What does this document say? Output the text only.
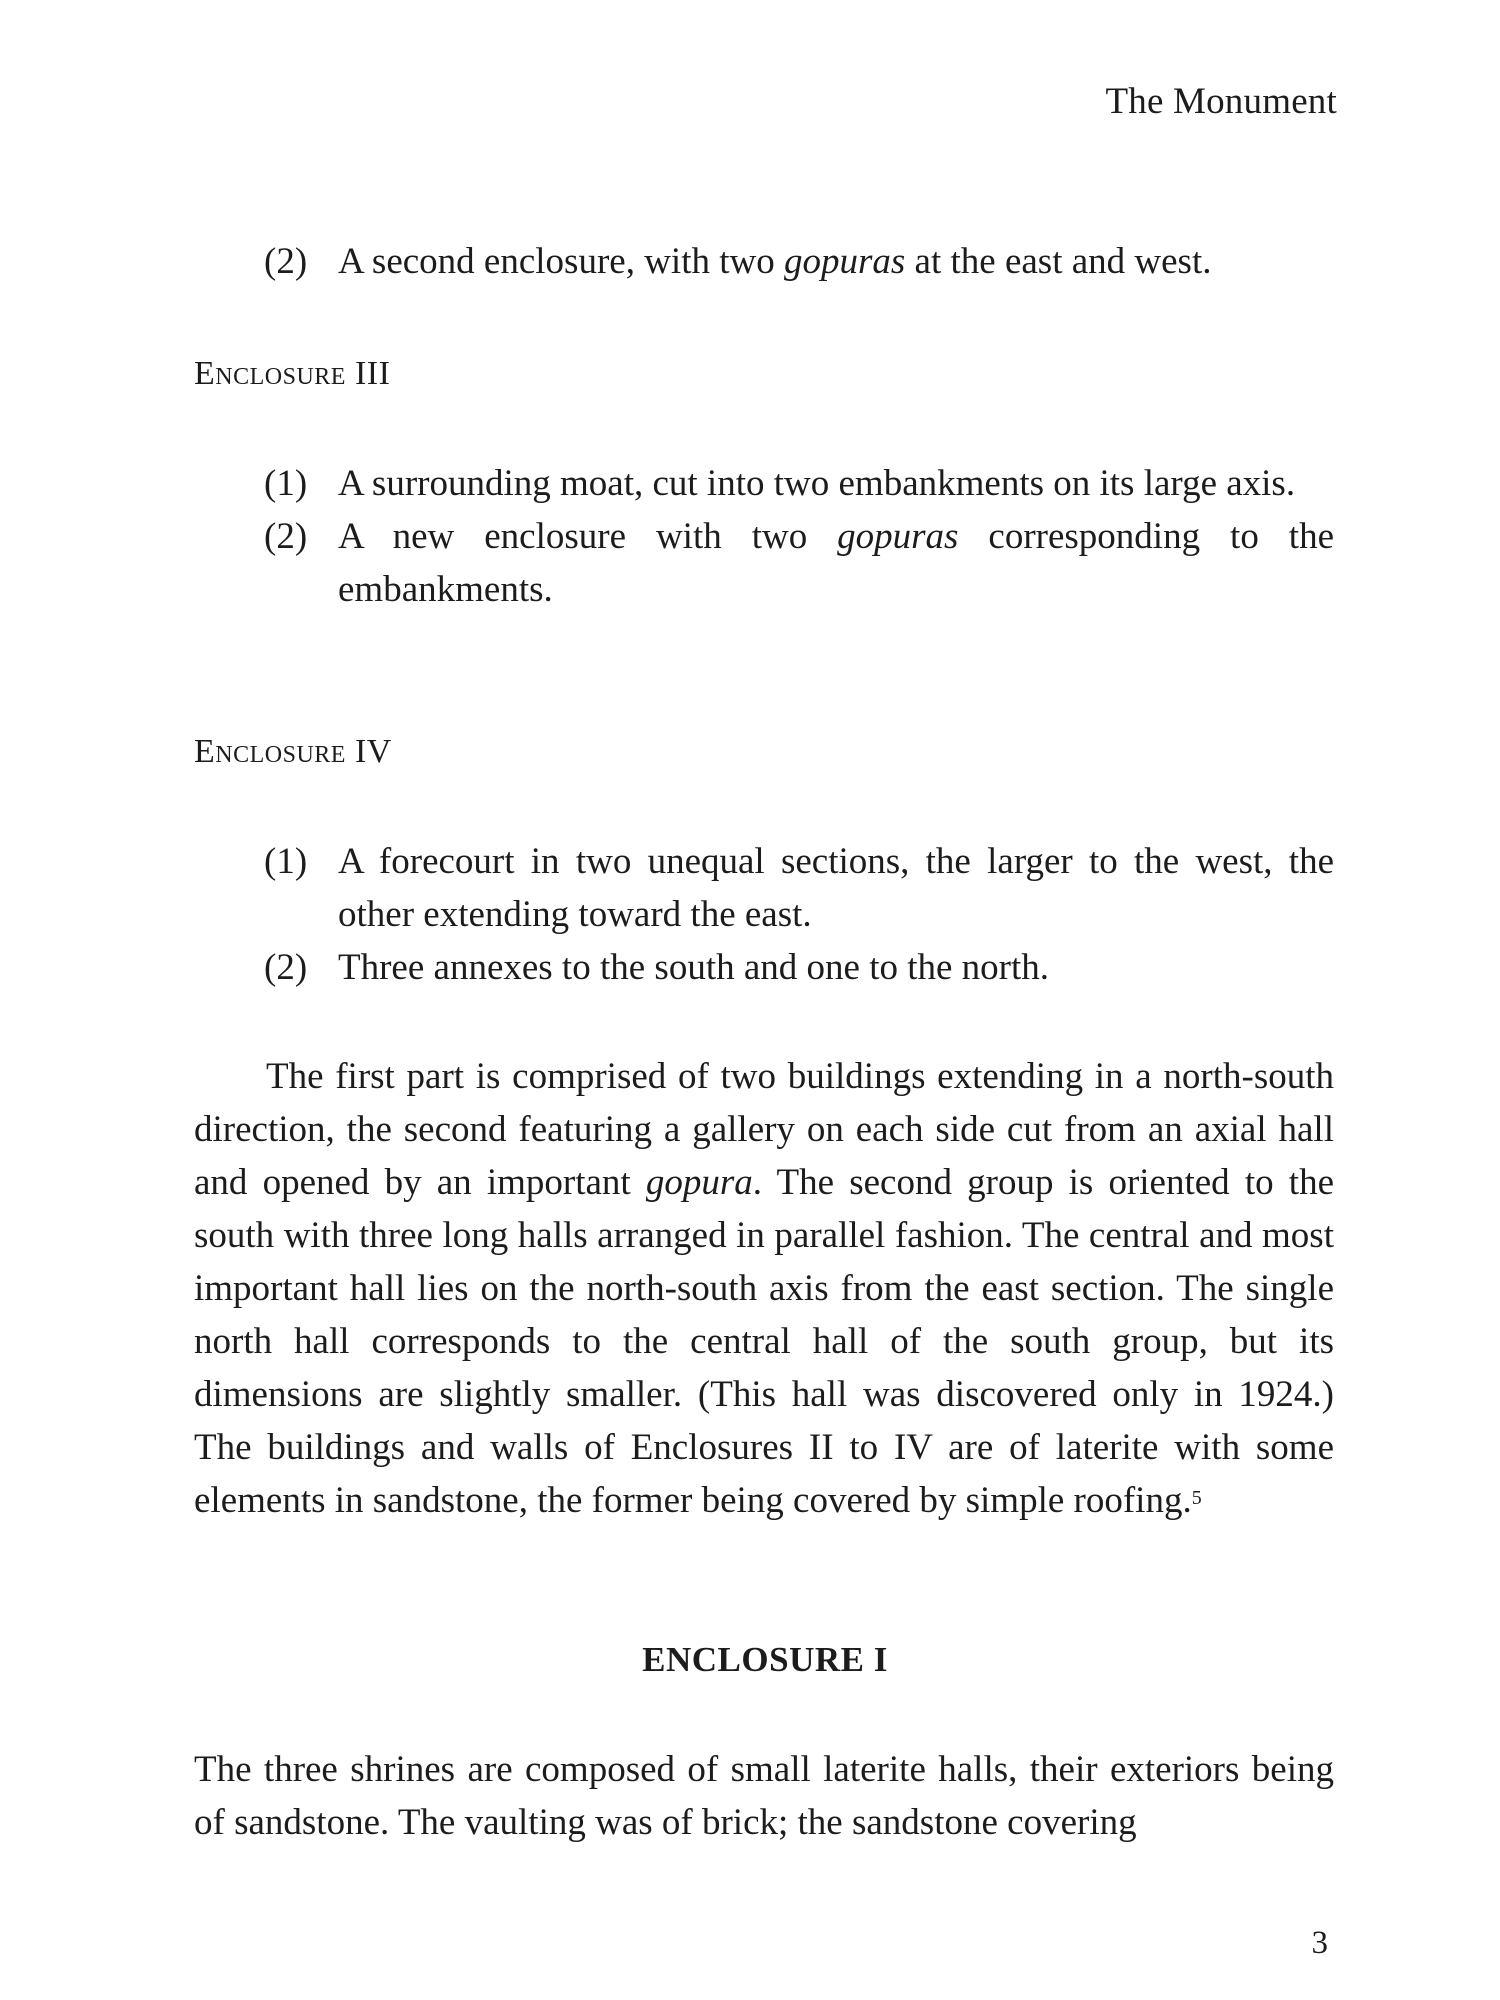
The Monument
(2) A second enclosure, with two gopuras at the east and west.
Enclosure III
(1) A surrounding moat, cut into two embankments on its large axis.
(2) A new enclosure with two gopuras corresponding to the embankments.
Enclosure IV
(1) A forecourt in two unequal sections, the larger to the west, the other extending toward the east.
(2) Three annexes to the south and one to the north.
The first part is comprised of two buildings extending in a north-south direction, the second featuring a gallery on each side cut from an axial hall and opened by an important gopura. The second group is oriented to the south with three long halls arranged in parallel fashion. The central and most important hall lies on the north-south axis from the east section. The single north hall corresponds to the central hall of the south group, but its dimensions are slightly smaller. (This hall was discovered only in 1924.) The buildings and walls of Enclosures II to IV are of laterite with some elements in sandstone, the former being covered by simple roofing.$^5$
ENCLOSURE I
The three shrines are composed of small laterite halls, their exteriors being of sandstone. The vaulting was of brick; the sandstone covering
3
